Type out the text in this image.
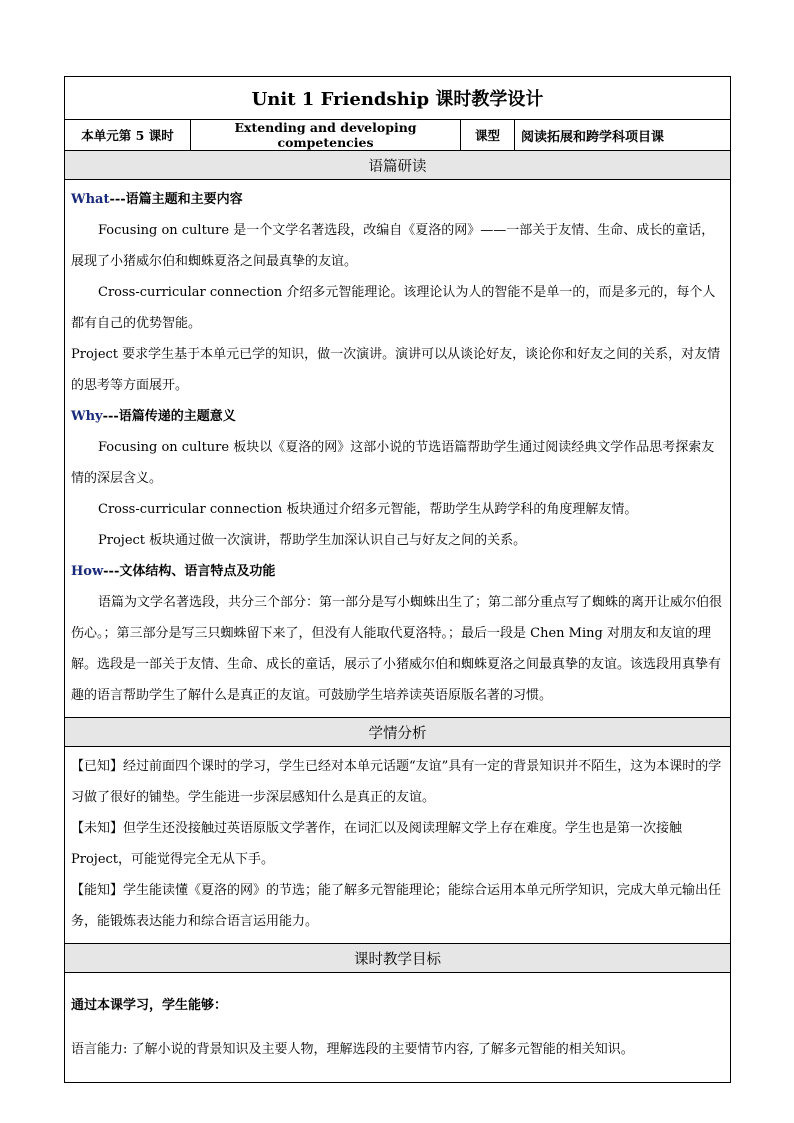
Unit 1 Friendship 课时教学设计
本单元第 5 课时	Extending and developing competencies	课型	阅读拓展和跨学科项目课
语篇研读

What---语篇主题和主要内容

Focusing on culture 是一个文学名著选段，改编自《夏洛的网》——一部关于友情、生命、成长的童话，展现了小猪威尔伯和蜘蛛夏洛之间最真挚的友谊。

Cross-curricular connection 介绍多元智能理论。该理论认为人的智能不是单一的，而是多元的，每个人都有自己的优势智能。

Project 要求学生基于本单元已学的知识，做一次演讲。演讲可以从谈论好友，谈论你和好友之间的关系，对友情的思考等方面展开。

Why---语篇传递的主题意义

Focusing on culture 板块以《夏洛的网》这部小说的节选语篇帮助学生通过阅读经典文学作品思考探索友情的深层含义。

Cross-curricular connection 板块通过介绍多元智能，帮助学生从跨学科的角度理解友情。

Project 板块通过做一次演讲，帮助学生加深认识自己与好友之间的关系。

How---文体结构、语言特点及功能

语篇为文学名著选段，共分三个部分：第一部分是写小蜘蛛出生了；第二部分重点写了蜘蛛的离开让威尔伯很伤心。；第三部分是写三只蜘蛛留下来了，但没有人能取代夏洛特。；最后一段是 Chen Ming 对朋友和友谊的理解。选段是一部关于友情、生命、成长的童话，展示了小猪威尔伯和蜘蛛夏洛之间最真挚的友谊。该选段用真挚有趣的语言帮助学生了解什么是真正的友谊。可鼓励学生培养读英语原版名著的习惯。

学情分析

【已知】经过前面四个课时的学习，学生已经对本单元话题“友谊”具有一定的背景知识并不陌生，这为本课时的学习做了很好的铺垫。学生能进一步深层感知什么是真正的友谊。

【未知】但学生还没接触过英语原版文学著作，在词汇以及阅读理解文学上存在难度。学生也是第一次接触 Project，可能觉得完全无从下手。

【能知】学生能读懂《夏洛的网》的节选；能了解多元智能理论；能综合运用本单元所学知识，完成大单元输出任务，能锻炼表达能力和综合语言运用能力。

课时教学目标

通过本课学习，学生能够：

语言能力: 了解小说的背景知识及主要人物，理解选段的主要情节内容, 了解多元智能的相关知识。
